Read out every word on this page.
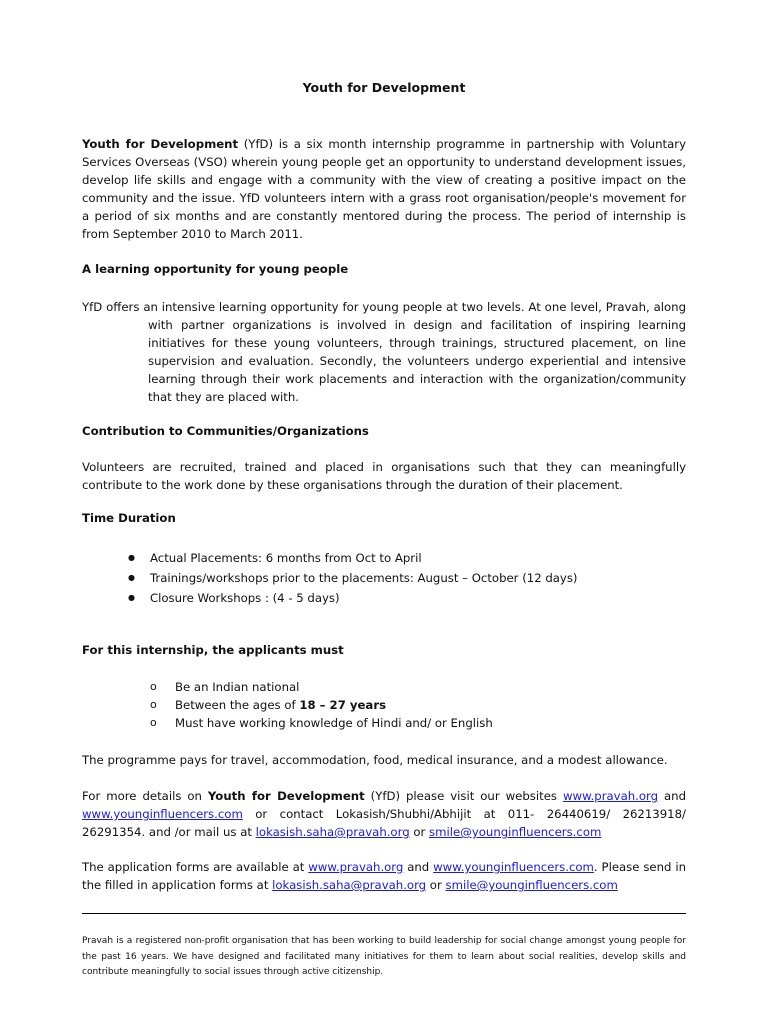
Youth for Development

Youth for Development (YfD) is a six month internship programme in partnership with Voluntary Services Overseas (VSO) wherein young people get an opportunity to understand development issues, develop life skills and engage with a community with the view of creating a positive impact on the community and the issue. YfD volunteers intern with a grass root organisation/people's movement for a period of six months and are constantly mentored during the process. The period of internship is from September 2010 to March 2011.

A learning opportunity for young people

YfD offers an intensive learning opportunity for young people at two levels. At one level, Pravah, along with partner organizations is involved in design and facilitation of inspiring learning initiatives for these young volunteers, through trainings, structured placement, on line supervision and evaluation. Secondly, the volunteers undergo experiential and intensive learning through their work placements and interaction with the organization/community that they are placed with.

Contribution to Communities/Organizations

Volunteers are recruited, trained and placed in organisations such that they can meaningfully contribute to the work done by these organisations through the duration of their placement.

Time Duration

● Actual Placements: 6 months from Oct to April
● Trainings/workshops prior to the placements: August – October (12 days)
● Closure Workshops : (4 - 5 days)

For this internship, the applicants must

o Be an Indian national
o Between the ages of 18 – 27 years
o Must have working knowledge of Hindi and/ or English

The programme pays for travel, accommodation, food, medical insurance, and a modest allowance.

For more details on Youth for Development (YfD) please visit our websites www.pravah.org and www.younginfluencers.com or contact Lokasish/Shubhi/Abhijit at 011- 26440619/ 26213918/ 26291354. and /or mail us at lokasish.saha@pravah.org or smile@younginfluencers.com

The application forms are available at www.pravah.org and www.younginfluencers.com. Please send in the filled in application forms at lokasish.saha@pravah.org or smile@younginfluencers.com

Pravah is a registered non-profit organisation that has been working to build leadership for social change amongst young people for the past 16 years. We have designed and facilitated many initiatives for them to learn about social realities, develop skills and contribute meaningfully to social issues through active citizenship.
